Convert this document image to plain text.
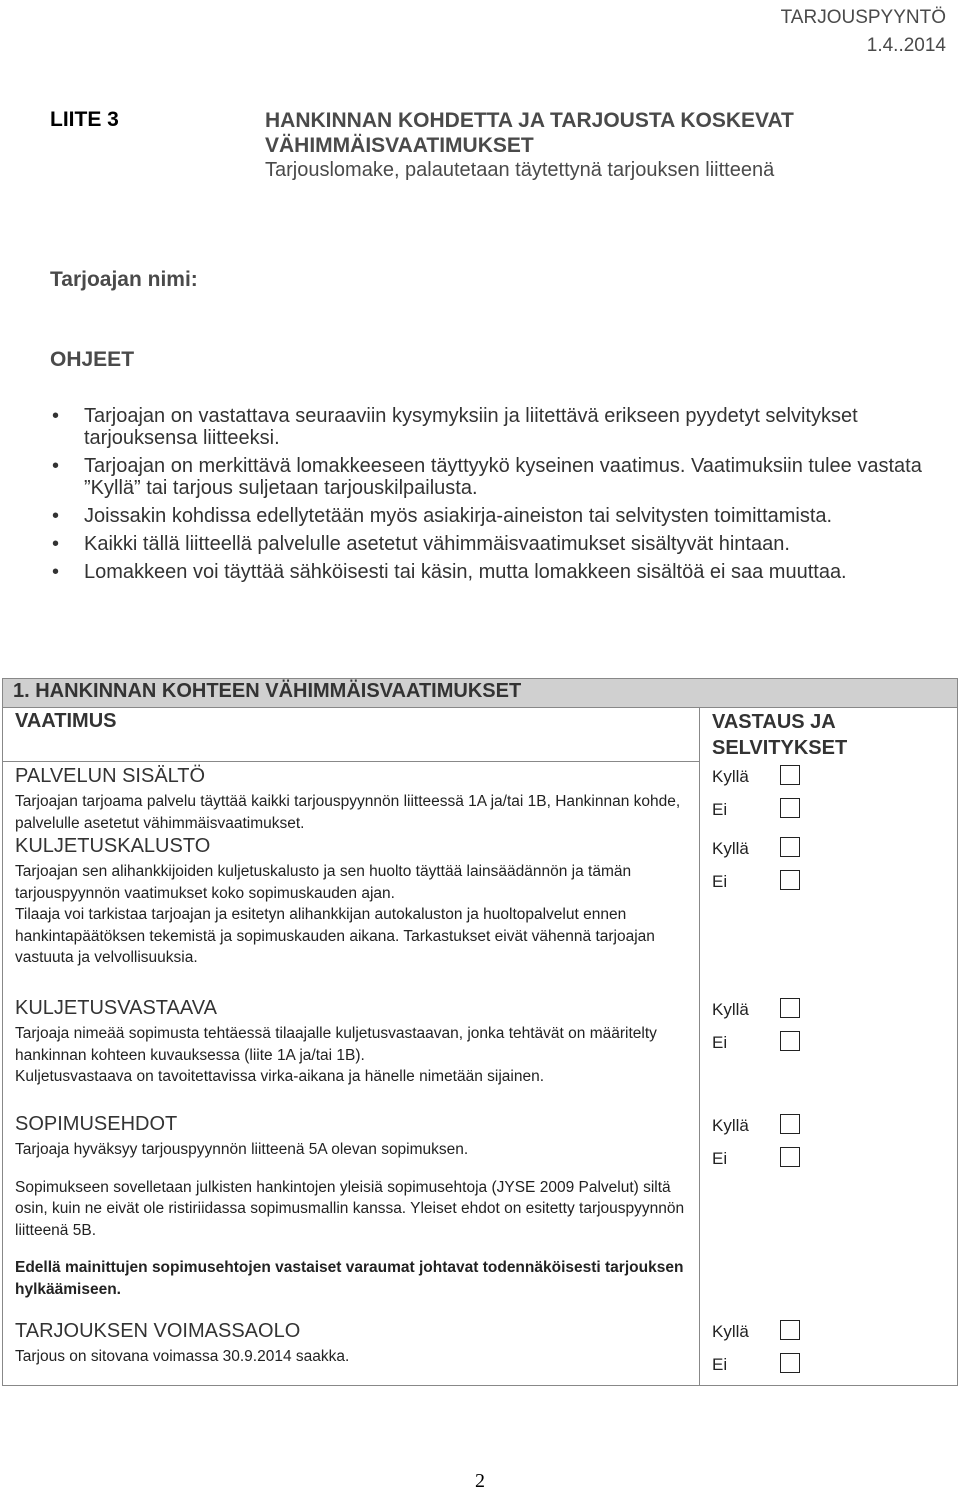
TARJOUSPYYNTÖ
1.4..2014
LIITE 3	HANKINNAN KOHDETTA JA TARJOUSTA KOSKEVAT
VÄHIMMÄISVAATIMUKSET
Tarjouslomake, palautetaan täytettynä tarjouksen liitteenä
Tarjoajan nimi:
OHJEET
• Tarjoajan on vastattava seuraaviin kysymyksiin ja liitettävä erikseen pyydetyt selvitykset tarjouksensa liitteeksi.
• Tarjoajan on merkittävä lomakkeeseen täyttyykö kyseinen vaatimus. Vaatimuksiin tulee vastata ”Kyllä” tai tarjous suljetaan tarjouskilpailusta.
• Joissakin kohdissa edellytetään myös asiakirja-aineiston tai selvitysten toimittamista.
• Kaikki tällä liitteellä palvelulle asetetut vähimmäisvaatimukset sisältyvät hintaan.
• Lomakkeen voi täyttää sähköisesti tai käsin, mutta lomakkeen sisältöä ei saa muuttaa.
1. HANKINNAN KOHTEEN VÄHIMMÄISVAATIMUKSET
VAATIMUS	VASTAUS JA
SELVITYKSET
PALVELUN SISÄLTÖ
Tarjoajan tarjoama palvelu täyttää kaikki tarjouspyynnön liitteessä 1A ja/tai 1B, Hankinnan kohde, palvelulle asetetut vähimmäisvaatimukset.
Kyllä
Ei
KULJETUSKALUSTO
Tarjoajan sen alihankkijoiden kuljetuskalusto ja sen huolto täyttää lainsäädännön ja tämän tarjouspyynnön vaatimukset koko sopimuskauden ajan.
Tilaaja voi tarkistaa tarjoajan ja esitetyn alihankkijan autokaluston ja huoltopalvelut ennen hankintapäätöksen tekemistä ja sopimuskauden aikana. Tarkastukset eivät vähennä tarjoajan vastuuta ja velvollisuuksia.
Kyllä
Ei
KULJETUSVASTAAVA
Tarjoaja nimeää sopimusta tehtäessä tilaajalle kuljetusvastaavan, jonka tehtävät on määritelty hankinnan kohteen kuvauksessa (liite 1A ja/tai 1B).
Kuljetusvastaava on tavoitettavissa virka-aikana ja hänelle nimetään sijainen.
Kyllä
Ei
SOPIMUSEHDOT
Tarjoaja hyväksyy tarjouspyynnön liitteenä 5A olevan sopimuksen.
Sopimukseen sovelletaan julkisten hankintojen yleisiä sopimusehtoja (JYSE 2009 Palvelut) siltä osin, kuin ne eivät ole ristiriidassa sopimusmallin kanssa. Yleiset ehdot on esitetty tarjouspyynnön liitteenä 5B.
Edellä mainittujen sopimusehtojen vastaiset varaumat johtavat todennäköisesti tarjouksen hylkäämiseen.
Kyllä
Ei
TARJOUKSEN VOIMASSAOLO
Tarjous on sitovana voimassa 30.9.2014 saakka.
Kyllä
Ei
2
